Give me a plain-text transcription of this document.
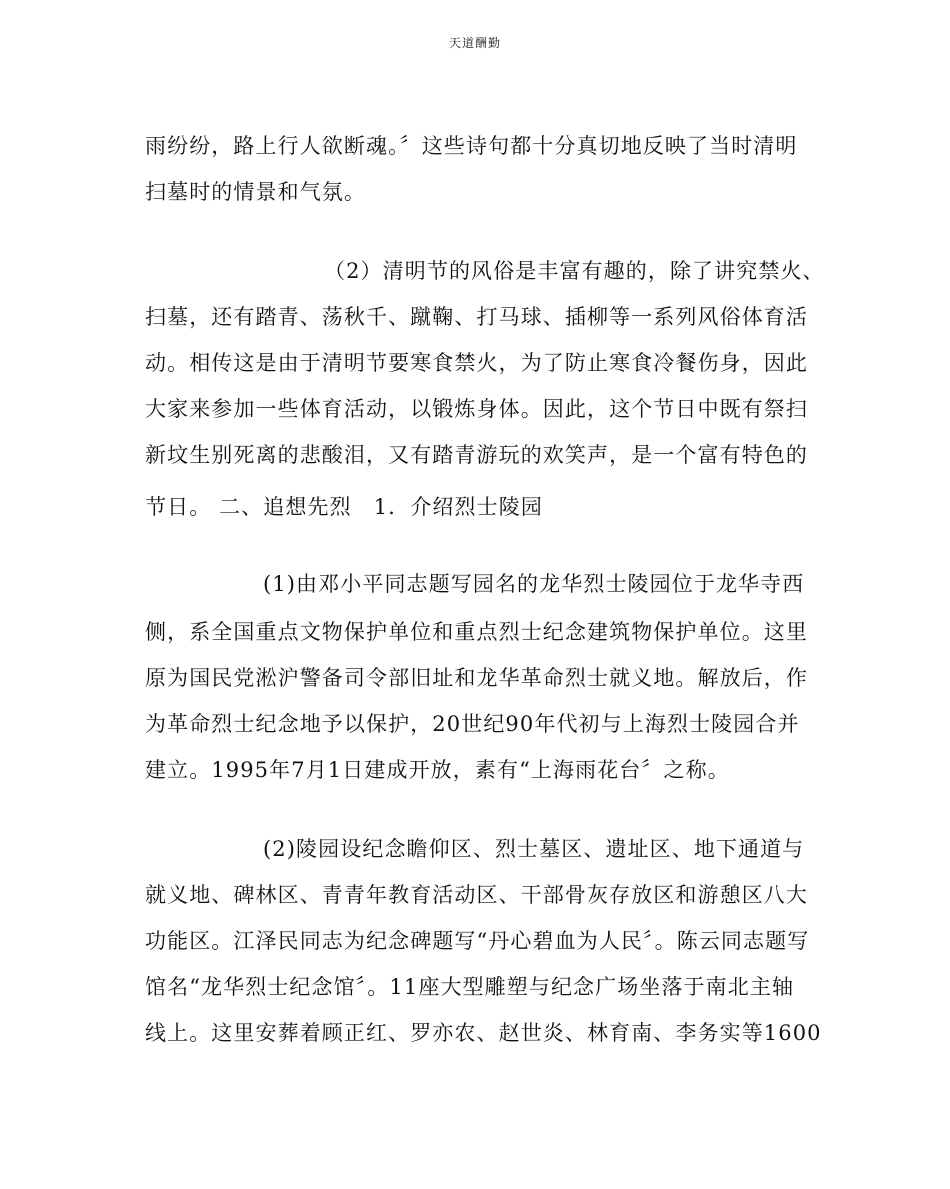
天道酬勤
雨纷纷，路上行人欲断魂。〞这些诗句都十分真切地反映了当时清明
扫墓时的情景和气氛。
（2）清明节的风俗是丰富有趣的，除了讲究禁火、
扫墓，还有踏青、荡秋千、蹴鞠、打马球、插柳等一系列风俗体育活
动。相传这是由于清明节要寒食禁火，为了防止寒食冷餐伤身，因此
大家来参加一些体育活动，以锻炼身体。因此，这个节日中既有祭扫
新坟生别死离的悲酸泪，又有踏青游玩的欢笑声，是一个富有特色的
节日。 二、追想先烈　1．介绍烈士陵园
(1)由邓小平同志题写园名的龙华烈士陵园位于龙华寺西
侧，系全国重点文物保护单位和重点烈士纪念建筑物保护单位。这里
原为国民党淞沪警备司令部旧址和龙华革命烈士就义地。解放后，作
为革命烈士纪念地予以保护，20世纪90年代初与上海烈士陵园合并
建立。1995年7月1日建成开放，素有“上海雨花台〞之称。
(2)陵园设纪念瞻仰区、烈士墓区、遗址区、地下通道与
就义地、碑林区、青青年教育活动区、干部骨灰存放区和游憩区八大
功能区。江泽民同志为纪念碑题写“丹心碧血为人民〞。陈云同志题写
馆名“龙华烈士纪念馆〞。11座大型雕塑与纪念广场坐落于南北主轴
线上。这里安葬着顾正红、罗亦农、赵世炎、林育南、李务实等1600
